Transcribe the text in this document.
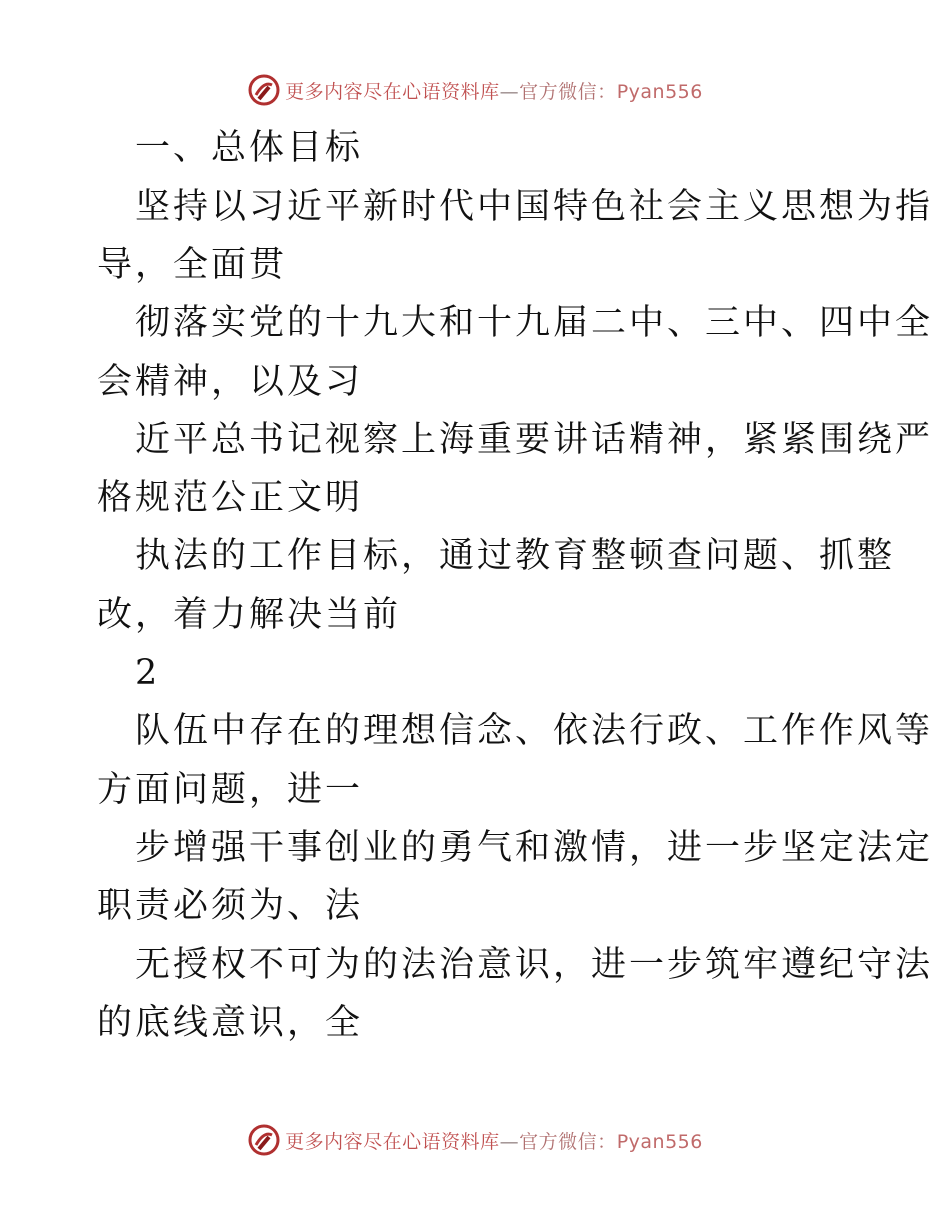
更多内容尽在心语资料库—官方微信：Pyan556
一、总体目标
坚持以习近平新时代中国特色社会主义思想为指
导，全面贯
彻落实党的十九大和十九届二中、三中、四中全
会精神，以及习
近平总书记视察上海重要讲话精神，紧紧围绕严
格规范公正文明
执法的工作目标，通过教育整顿查问题、抓整
改，着力解决当前
2
队伍中存在的理想信念、依法行政、工作作风等
方面问题，进一
步增强干事创业的勇气和激情，进一步坚定法定
职责必须为、法
无授权不可为的法治意识，进一步筑牢遵纪守法
的底线意识，全
更多内容尽在心语资料库—官方微信：Pyan556
